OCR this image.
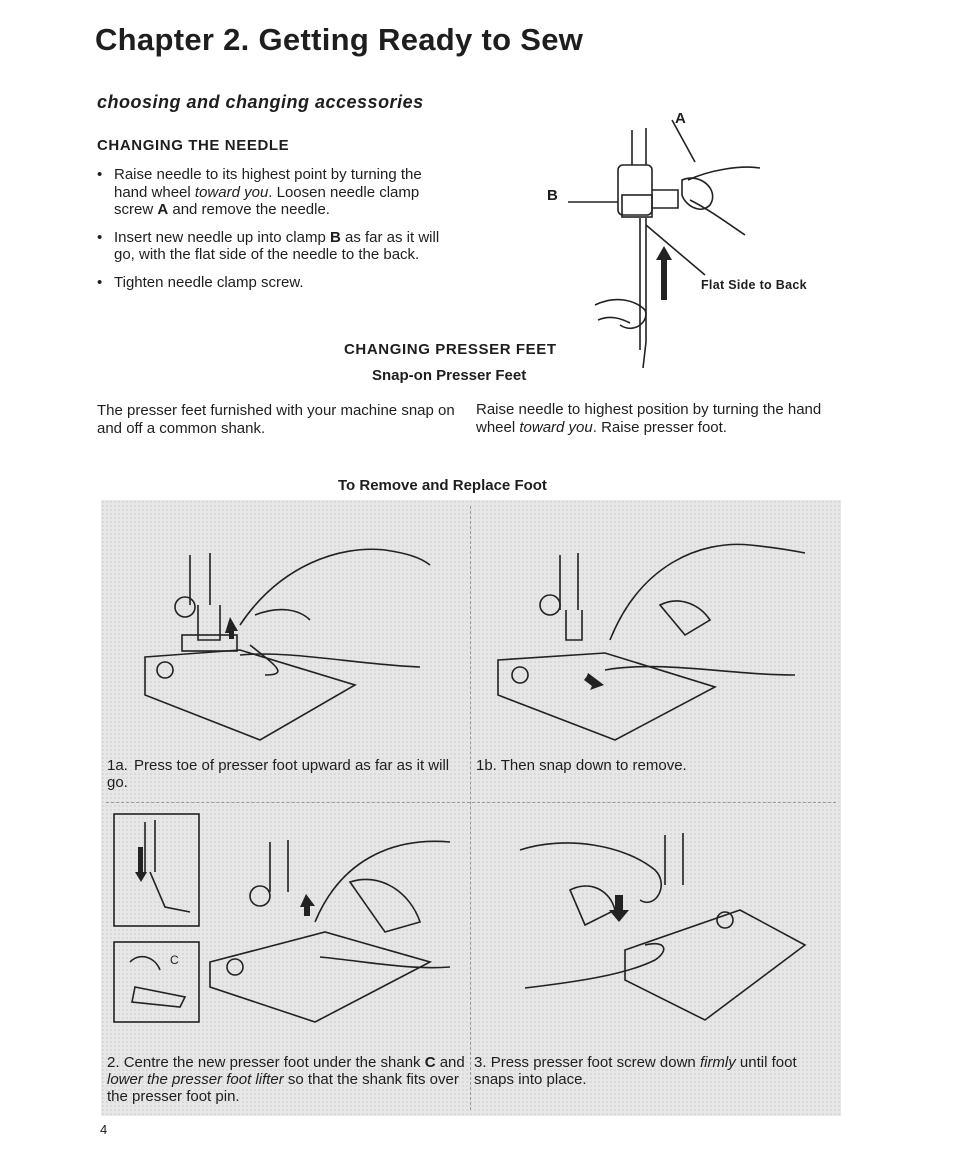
Chapter 2. Getting Ready to Sew
choosing and changing accessories
CHANGING THE NEEDLE
• Raise needle to its highest point by turning the hand wheel toward you. Loosen needle clamp screw A and remove the needle.
• Insert new needle up into clamp B as far as it will go, with the flat side of the needle to the back.
• Tighten needle clamp screw.
A
B
Flat Side to Back
CHANGING PRESSER FEET
Snap-on Presser Feet
The presser feet furnished with your machine snap on and off a common shank.
Raise needle to highest position by turning the hand wheel toward you. Raise presser foot.
To Remove and Replace Foot
C
1a. Press toe of presser foot upward as far as it will go.
1b. Then snap down to remove.
2. Centre the new presser foot under the shank C and lower the presser foot lifter so that the shank fits over the presser foot pin.
3. Press presser foot screw down firmly until foot snaps into place.
4
